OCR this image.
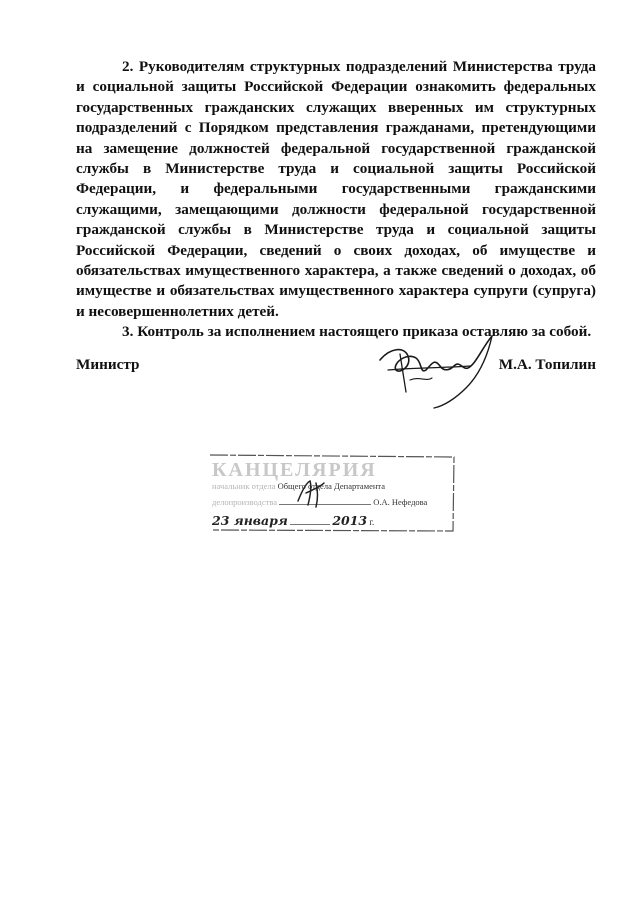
2. Руководителям структурных подразделений Министерства труда и социальной защиты Российской Федерации ознакомить федеральных государственных гражданских служащих вверенных им структурных подразделений с Порядком представления гражданами, претендующими на замещение должностей федеральной государственной гражданской службы в Министерстве труда и социальной защиты Российской Федерации, и федеральными государственными гражданскими служащими, замещающими должности федеральной государственной гражданской службы в Министерстве труда и социальной защиты Российской Федерации, сведений о своих доходах, об имуществе и обязательствах имущественного характера, а также сведений о доходах, об имуществе и обязательствах имущественного характера супруги (супруга) и несовершеннолетних детей.

3. Контроль за исполнением настоящего приказа оставляю за собой.

Министр	М.А. Топилин
КАНЦЕЛЯРИЯ
начальник отдела Общего отдела Департамента
делопроизводства	О.А. Нефедова
23 января	2013 г.
